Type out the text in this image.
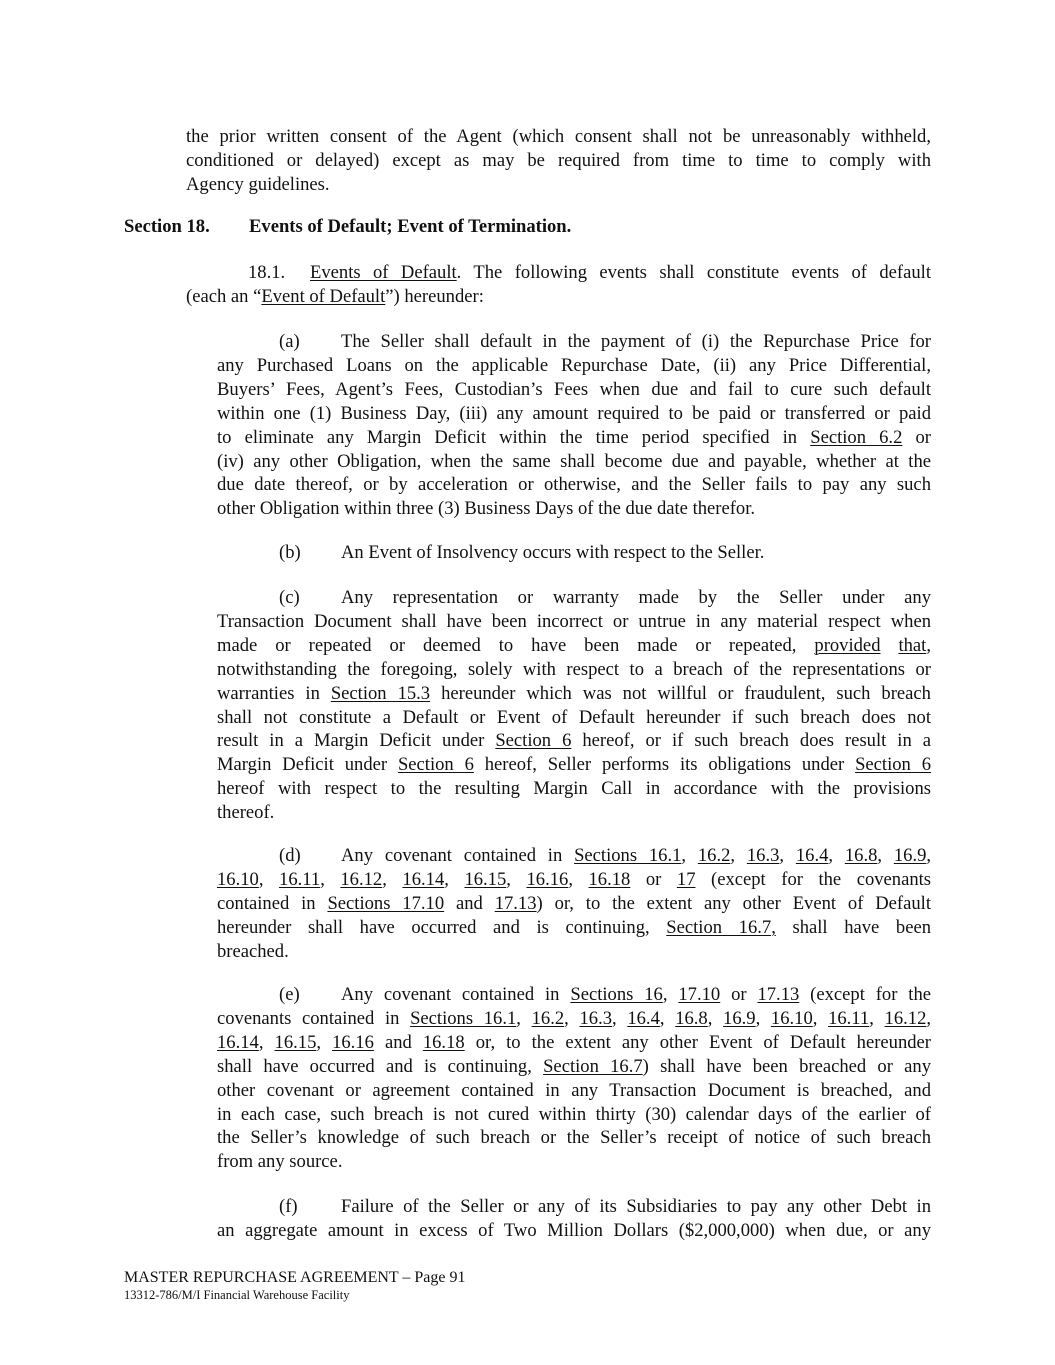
the prior written consent of the Agent (which consent shall not be unreasonably withheld,
conditioned or delayed) except as may be required from time to time to comply with
Agency guidelines.
Section 18. Events of Default; Event of Termination.
18.1. Events of Default. The following events shall constitute events of default
(each an “Event of Default”) hereunder:
(a) The Seller shall default in the payment of (i) the Repurchase Price for
any Purchased Loans on the applicable Repurchase Date, (ii) any Price Differential,
Buyers’ Fees, Agent’s Fees, Custodian’s Fees when due and fail to cure such default
within one (1) Business Day, (iii) any amount required to be paid or transferred or paid
to eliminate any Margin Deficit within the time period specified in Section 6.2 or
(iv) any other Obligation, when the same shall become due and payable, whether at the
due date thereof, or by acceleration or otherwise, and the Seller fails to pay any such
other Obligation within three (3) Business Days of the due date therefor.
(b) An Event of Insolvency occurs with respect to the Seller.
(c) Any representation or warranty made by the Seller under any
Transaction Document shall have been incorrect or untrue in any material respect when
made or repeated or deemed to have been made or repeated, provided that,
notwithstanding the foregoing, solely with respect to a breach of the representations or
warranties in Section 15.3 hereunder which was not willful or fraudulent, such breach
shall not constitute a Default or Event of Default hereunder if such breach does not
result in a Margin Deficit under Section 6 hereof, or if such breach does result in a
Margin Deficit under Section 6 hereof, Seller performs its obligations under Section 6
hereof with respect to the resulting Margin Call in accordance with the provisions
thereof.
(d) Any covenant contained in Sections 16.1, 16.2, 16.3, 16.4, 16.8, 16.9,
16.10, 16.11, 16.12, 16.14, 16.15, 16.16, 16.18 or 17 (except for the covenants
contained in Sections 17.10 and 17.13) or, to the extent any other Event of Default
hereunder shall have occurred and is continuing, Section 16.7, shall have been
breached.
(e) Any covenant contained in Sections 16, 17.10 or 17.13 (except for the
covenants contained in Sections 16.1, 16.2, 16.3, 16.4, 16.8, 16.9, 16.10, 16.11, 16.12,
16.14, 16.15, 16.16 and 16.18 or, to the extent any other Event of Default hereunder
shall have occurred and is continuing, Section 16.7) shall have been breached or any
other covenant or agreement contained in any Transaction Document is breached, and
in each case, such breach is not cured within thirty (30) calendar days of the earlier of
the Seller’s knowledge of such breach or the Seller’s receipt of notice of such breach
from any source.
(f) Failure of the Seller or any of its Subsidiaries to pay any other Debt in
an aggregate amount in excess of Two Million Dollars ($2,000,000) when due, or any
MASTER REPURCHASE AGREEMENT – Page 91
13312-786/M/I Financial Warehouse Facility
